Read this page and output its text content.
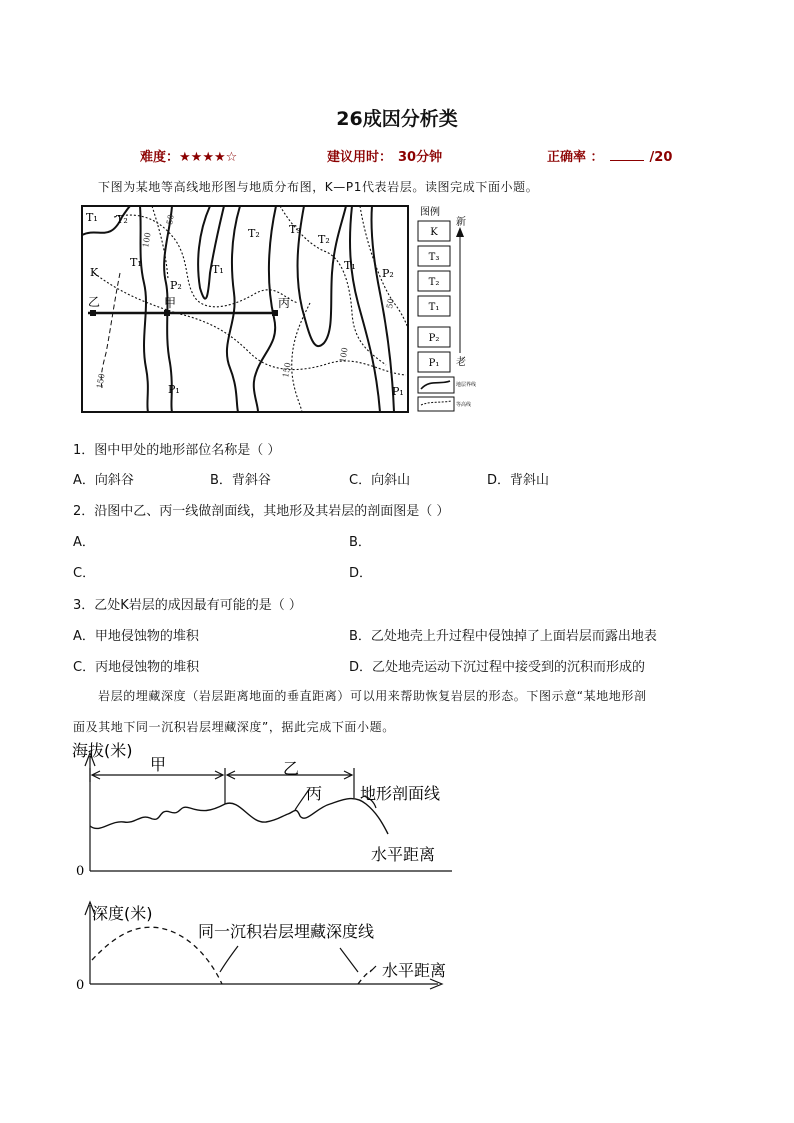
26成因分析类
难度：★★★★☆	建议用时： 30分钟	正确率 ：	/20
下图为某地等高线地形图与地质分布图，K—P1代表岩层。读图完成下面小题。
T₁ T₂
T₁
K
P₂
T₁
T₂	T₃
T₂
T₁
P₂
P₁	P₁
乙	甲	丙
50
100
50
100
150
150
图例
K
T₃
T₂
T₁
P₂
P₁
新
老
地层界线
等高线
1．图中甲处的地形部位名称是（ ）
A．向斜谷	B．背斜谷	C．向斜山	D．背斜山
2．沿图中乙、丙一线做剖面线，其地形及其岩层的剖面图是（ ）
A．	B．
C．	D．
3．乙处K岩层的成因最有可能的是（ ）
A．甲地侵蚀物的堆积	B．乙处地壳上升过程中侵蚀掉了上面岩层而露出地表
C．丙地侵蚀物的堆积	D．乙处地壳运动下沉过程中接受到的沉积而形成的
岩层的埋藏深度（岩层距离地面的垂直距离）可以用来帮助恢复岩层的形态。下图示意“某地地形剖
面及其地下同一沉积岩层埋藏深度”，据此完成下面小题。
海拔(米)
甲	乙
丙 地形剖面线
水平距离
0
深度(米)
同一沉积岩层埋藏深度线
水平距离
0
